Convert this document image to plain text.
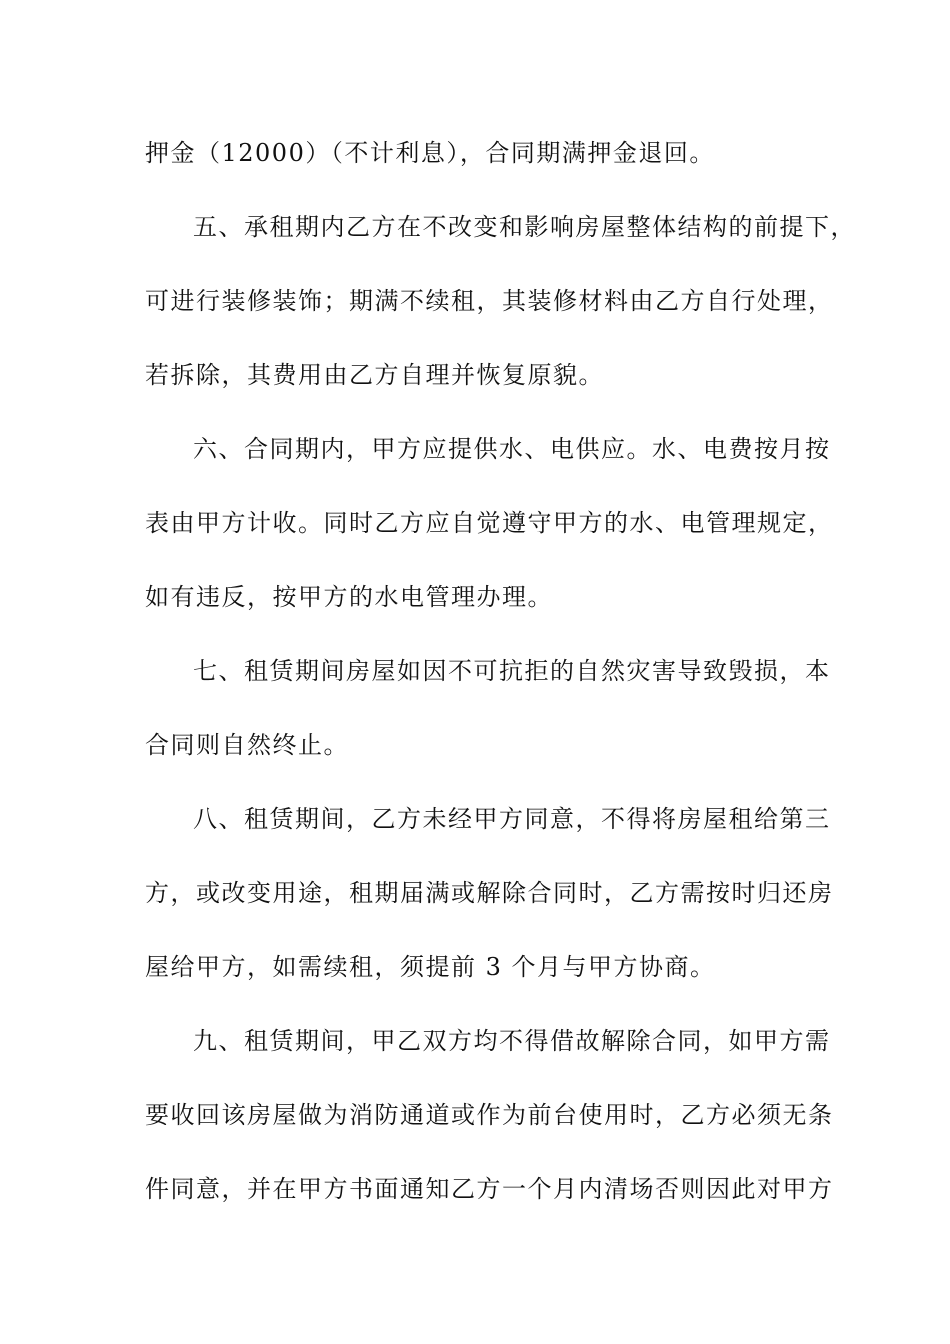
押金（12000）（不计利息），合同期满押金退回。
五、承租期内乙方在不改变和影响房屋整体结构的前提下，
可进行装修装饰；期满不续租，其装修材料由乙方自行处理，
若拆除，其费用由乙方自理并恢复原貌。
六、合同期内，甲方应提供水、电供应。水、电费按月按
表由甲方计收。同时乙方应自觉遵守甲方的水、电管理规定，
如有违反，按甲方的水电管理办理。
七、租赁期间房屋如因不可抗拒的自然灾害导致毁损，本
合同则自然终止。
八、租赁期间，乙方未经甲方同意，不得将房屋租给第三
方，或改变用途，租期届满或解除合同时，乙方需按时归还房
屋给甲方，如需续租，须提前 3 个月与甲方协商。
九、租赁期间，甲乙双方均不得借故解除合同，如甲方需
要收回该房屋做为消防通道或作为前台使用时，乙方必须无条
件同意，并在甲方书面通知乙方一个月内清场否则因此对甲方
